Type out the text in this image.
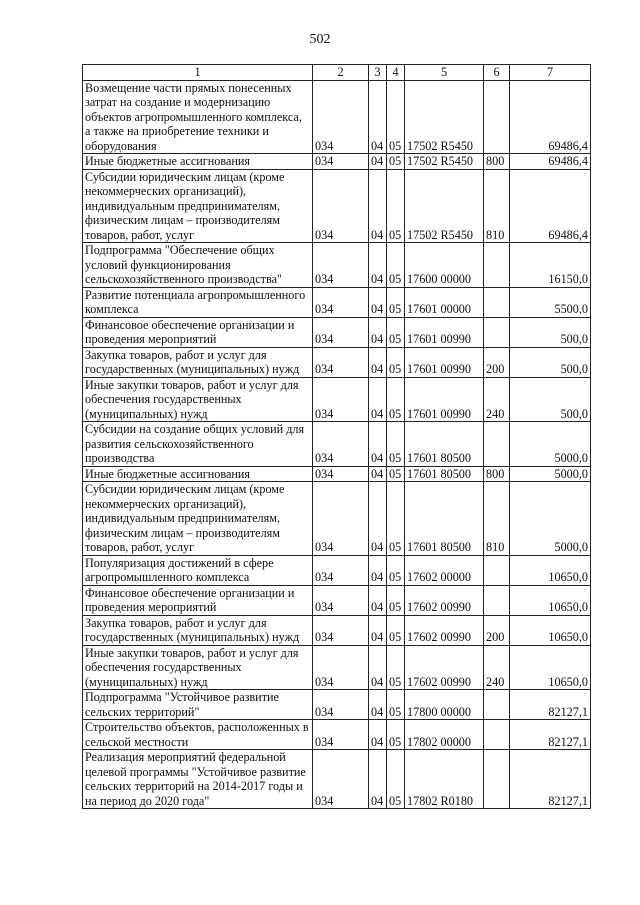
502
1	2	3	4	5	6	7
Возмещение части прямых понесенных затрат на создание и модернизацию объектов агропромышленного комплекса, а также на приобретение техники и оборудования	034	04	05	17502 R5450		69486,4
Иные бюджетные ассигнования	034	04	05	17502 R5450	800	69486,4
Субсидии юридическим лицам (кроме некоммерческих организаций), индивидуальным предпринимателям, физическим лицам – производителям товаров, работ, услуг	034	04	05	17502 R5450	810	69486,4
Подпрограмма "Обеспечение общих условий функционирования сельскохозяйственного производства"	034	04	05	17600 00000		16150,0
Развитие потенциала агропромышленного комплекса	034	04	05	17601 00000		5500,0
Финансовое обеспечение организации и проведения мероприятий	034	04	05	17601 00990		500,0
Закупка товаров, работ и услуг для государственных (муниципальных) нужд	034	04	05	17601 00990	200	500,0
Иные закупки товаров, работ и услуг для обеспечения государственных (муниципальных) нужд	034	04	05	17601 00990	240	500,0
Субсидии на создание общих условий для развития сельскохозяйственного производства	034	04	05	17601 80500		5000,0
Иные бюджетные ассигнования	034	04	05	17601 80500	800	5000,0
Субсидии юридическим лицам (кроме некоммерческих организаций), индивидуальным предпринимателям, физическим лицам – производителям товаров, работ, услуг	034	04	05	17601 80500	810	5000,0
Популяризация достижений в сфере агропромышленного комплекса	034	04	05	17602 00000		10650,0
Финансовое обеспечение организации и проведения мероприятий	034	04	05	17602 00990		10650,0
Закупка товаров, работ и услуг для государственных (муниципальных) нужд	034	04	05	17602 00990	200	10650,0
Иные закупки товаров, работ и услуг для обеспечения государственных (муниципальных) нужд	034	04	05	17602 00990	240	10650,0
Подпрограмма "Устойчивое развитие сельских территорий"	034	04	05	17800 00000		82127,1
Строительство объектов, расположенных в сельской местности	034	04	05	17802 00000		82127,1
Реализация мероприятий федеральной целевой программы "Устойчивое развитие сельских территорий на 2014-2017 годы и на период до 2020 года"	034	04	05	17802 R0180		82127,1
